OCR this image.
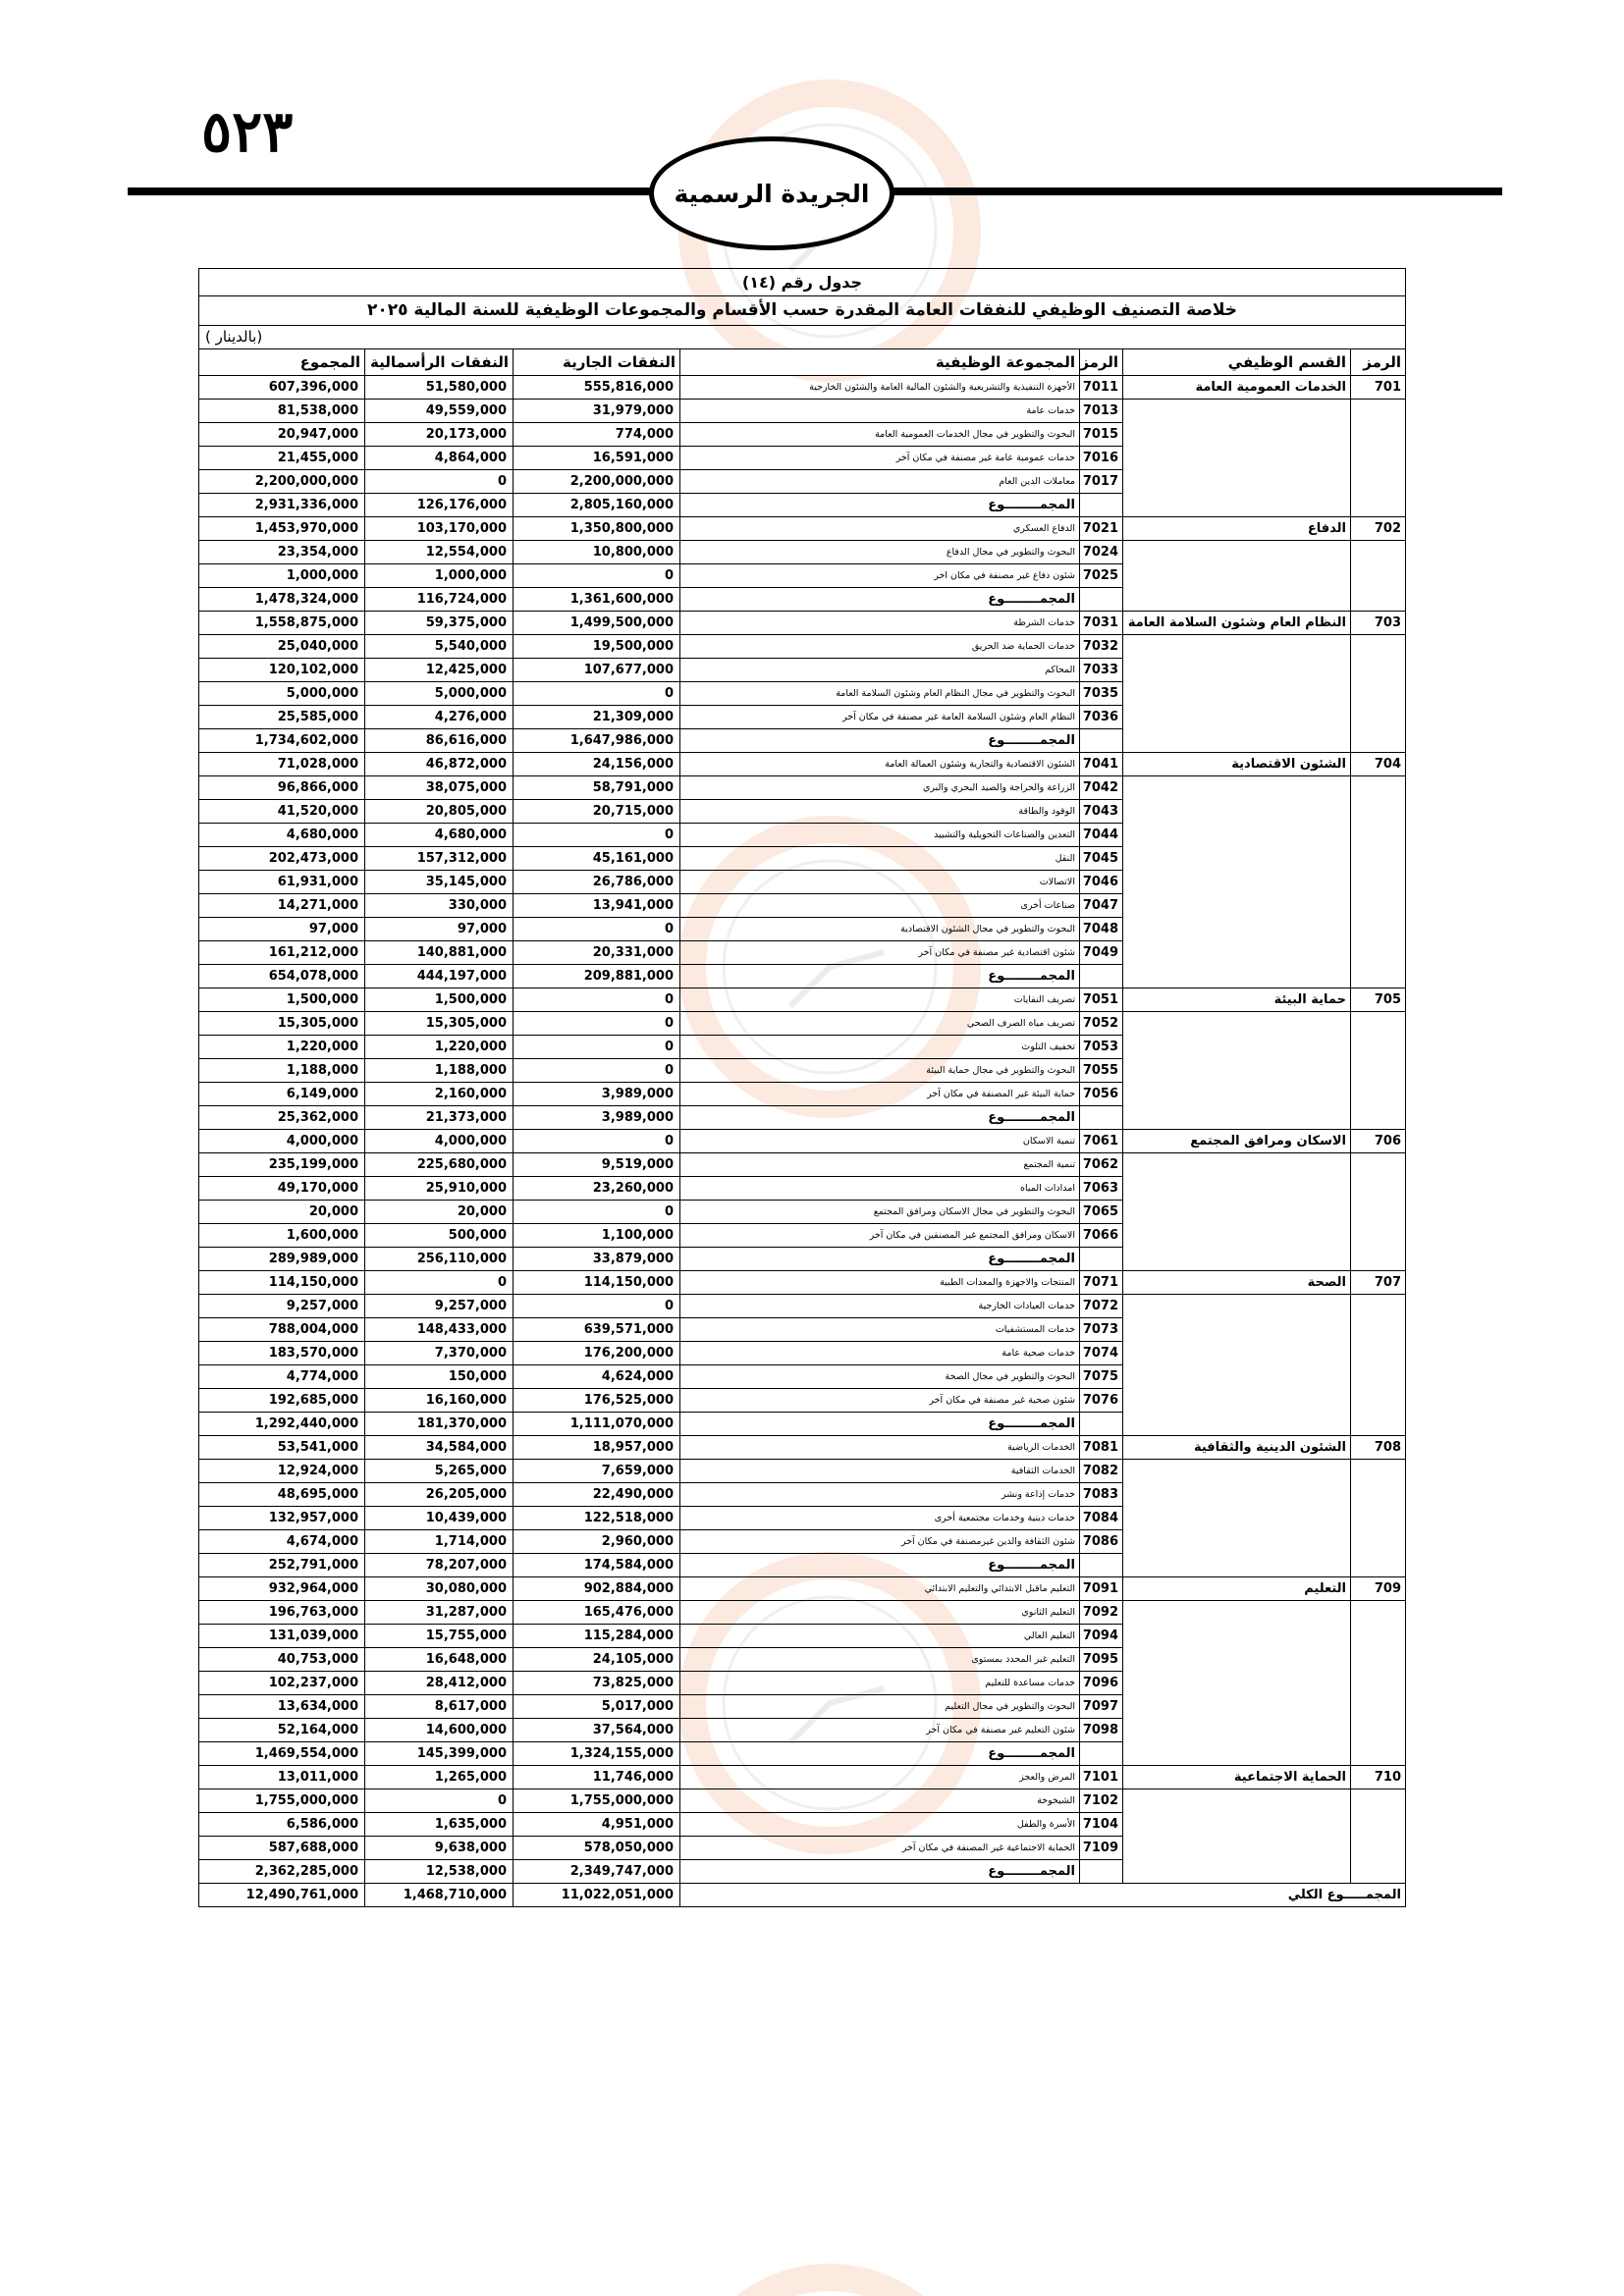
٥٢٣
الجريدة الرسمية
جدول رقم (١٤)						
خلاصة التصنيف الوظيفي للنفقات العامة المقدرة حسب الأقسام والمجموعات الوظيفية للسنة المالية ٢٠٢٥						
(بالدينار )						
الرمز	القسم الوظيفي	الرمز	المجموعة الوظيفية	النفقات الجارية	النفقات الرأسمالية	المجموع
701	الخدمات العمومية العامة	7011	الأجهزة التنفيذية والتشريعية والشئون المالية العامة والشئون الخارجية	555,816,000	51,580,000	607,396,000
		7013	خدمات عامة	31,979,000	49,559,000	81,538,000
		7015	البحوث والتطوير في مجال الخدمات العمومية العامة	774,000	20,173,000	20,947,000
		7016	خدمات عمومية عامة غير مصنفة في مكان آخر	16,591,000	4,864,000	21,455,000
		7017	معاملات الدين العام	2,200,000,000	0	2,200,000,000
			المجمــــــــوع	2,805,160,000	126,176,000	2,931,336,000
702	الدفاع	7021	الدفاع العسكري	1,350,800,000	103,170,000	1,453,970,000
		7024	البحوث والتطوير في مجال الدفاع	10,800,000	12,554,000	23,354,000
		7025	شئون دفاع غير مصنفة في مكان اخر	0	1,000,000	1,000,000
			المجمــــــــوع	1,361,600,000	116,724,000	1,478,324,000
703	النظام العام وشئون السلامة العامة	7031	خدمات الشرطة	1,499,500,000	59,375,000	1,558,875,000
		7032	خدمات الحماية ضد الحريق	19,500,000	5,540,000	25,040,000
		7033	المحاكم	107,677,000	12,425,000	120,102,000
		7035	البحوث والتطوير في مجال النظام العام وشئون السلامة العامة	0	5,000,000	5,000,000
		7036	النظام العام وشئون السلامة العامة غير مصنفة في مكان آخر	21,309,000	4,276,000	25,585,000
			المجمــــــــوع	1,647,986,000	86,616,000	1,734,602,000
704	الشئون الاقتصادية	7041	الشئون الاقتصادية والتجارية وشئون العمالة العامة	24,156,000	46,872,000	71,028,000
		7042	الزراعة والحراجة والصيد البحري والبري	58,791,000	38,075,000	96,866,000
		7043	الوقود والطاقة	20,715,000	20,805,000	41,520,000
		7044	التعدين والصناعات التحويلية والتشييد	0	4,680,000	4,680,000
		7045	النقل	45,161,000	157,312,000	202,473,000
		7046	الاتصالات	26,786,000	35,145,000	61,931,000
		7047	صناعات أخرى	13,941,000	330,000	14,271,000
		7048	البحوث والتطوير في مجال الشئون الاقتصادية	0	97,000	97,000
		7049	شئون اقتصادية غير مصنفة في مكان آخر	20,331,000	140,881,000	161,212,000
			المجمــــــــوع	209,881,000	444,197,000	654,078,000
705	حماية البيئة	7051	تصريف النفايات	0	1,500,000	1,500,000
		7052	تصريف مياه الصرف الصحي	0	15,305,000	15,305,000
		7053	تخفيف التلوث	0	1,220,000	1,220,000
		7055	البحوث والتطوير في مجال حماية البيئة	0	1,188,000	1,188,000
		7056	حماية البيئة غير المصنفة في مكان آخر	3,989,000	2,160,000	6,149,000
			المجمــــــــوع	3,989,000	21,373,000	25,362,000
706	الاسكان ومرافق المجتمع	7061	تنمية الاسكان	0	4,000,000	4,000,000
		7062	تنمية المجتمع	9,519,000	225,680,000	235,199,000
		7063	امدادات المياه	23,260,000	25,910,000	49,170,000
		7065	البحوث والتطوير في مجال الاسكان ومرافق المجتمع	0	20,000	20,000
		7066	الاسكان ومرافق المجتمع غير المصنفين في مكان آخر	1,100,000	500,000	1,600,000
			المجمــــــــوع	33,879,000	256,110,000	289,989,000
707	الصحة	7071	المنتجات والاجهزة والمعدات الطبية	114,150,000	0	114,150,000
		7072	خدمات العيادات الخارجية	0	9,257,000	9,257,000
		7073	خدمات المستشفيات	639,571,000	148,433,000	788,004,000
		7074	خدمات صحية عامة	176,200,000	7,370,000	183,570,000
		7075	البحوث والتطوير في مجال الصحة	4,624,000	150,000	4,774,000
		7076	شئون صحية غير مصنفة في مكان آخر	176,525,000	16,160,000	192,685,000
			المجمــــــــوع	1,111,070,000	181,370,000	1,292,440,000
708	الشئون الدينية والثقافية	7081	الخدمات الرياضية	18,957,000	34,584,000	53,541,000
		7082	الخدمات الثقافية	7,659,000	5,265,000	12,924,000
		7083	خدمات إذاعة ونشر	22,490,000	26,205,000	48,695,000
		7084	خدمات دينية وخدمات مجتمعية أخرى	122,518,000	10,439,000	132,957,000
		7086	شئون الثقافة والدين غيرمصنفة في مكان آخر	2,960,000	1,714,000	4,674,000
			المجمــــــــوع	174,584,000	78,207,000	252,791,000
709	التعليم	7091	التعليم ماقبل الابتدائي والتعليم الابتدائي	902,884,000	30,080,000	932,964,000
		7092	التعليم الثانوي	165,476,000	31,287,000	196,763,000
		7094	التعليم العالي	115,284,000	15,755,000	131,039,000
		7095	التعليم غير المحدد بمستوى	24,105,000	16,648,000	40,753,000
		7096	خدمات مساعدة للتعليم	73,825,000	28,412,000	102,237,000
		7097	البحوث والتطوير في مجال التعليم	5,017,000	8,617,000	13,634,000
		7098	شئون التعليم غير مصنفة في مكان آخر	37,564,000	14,600,000	52,164,000
			المجمــــــــوع	1,324,155,000	145,399,000	1,469,554,000
710	الحماية الاجتماعية	7101	المرض والعجز	11,746,000	1,265,000	13,011,000
		7102	الشيخوخة	1,755,000,000	0	1,755,000,000
		7104	الأسرة والطفل	4,951,000	1,635,000	6,586,000
		7109	الحماية الاجتماعية غير المصنفة في مكان آخر	578,050,000	9,638,000	587,688,000
			المجمــــــــوع	2,349,747,000	12,538,000	2,362,285,000
المجمـــــوع الكلي				11,022,051,000	1,468,710,000	12,490,761,000
